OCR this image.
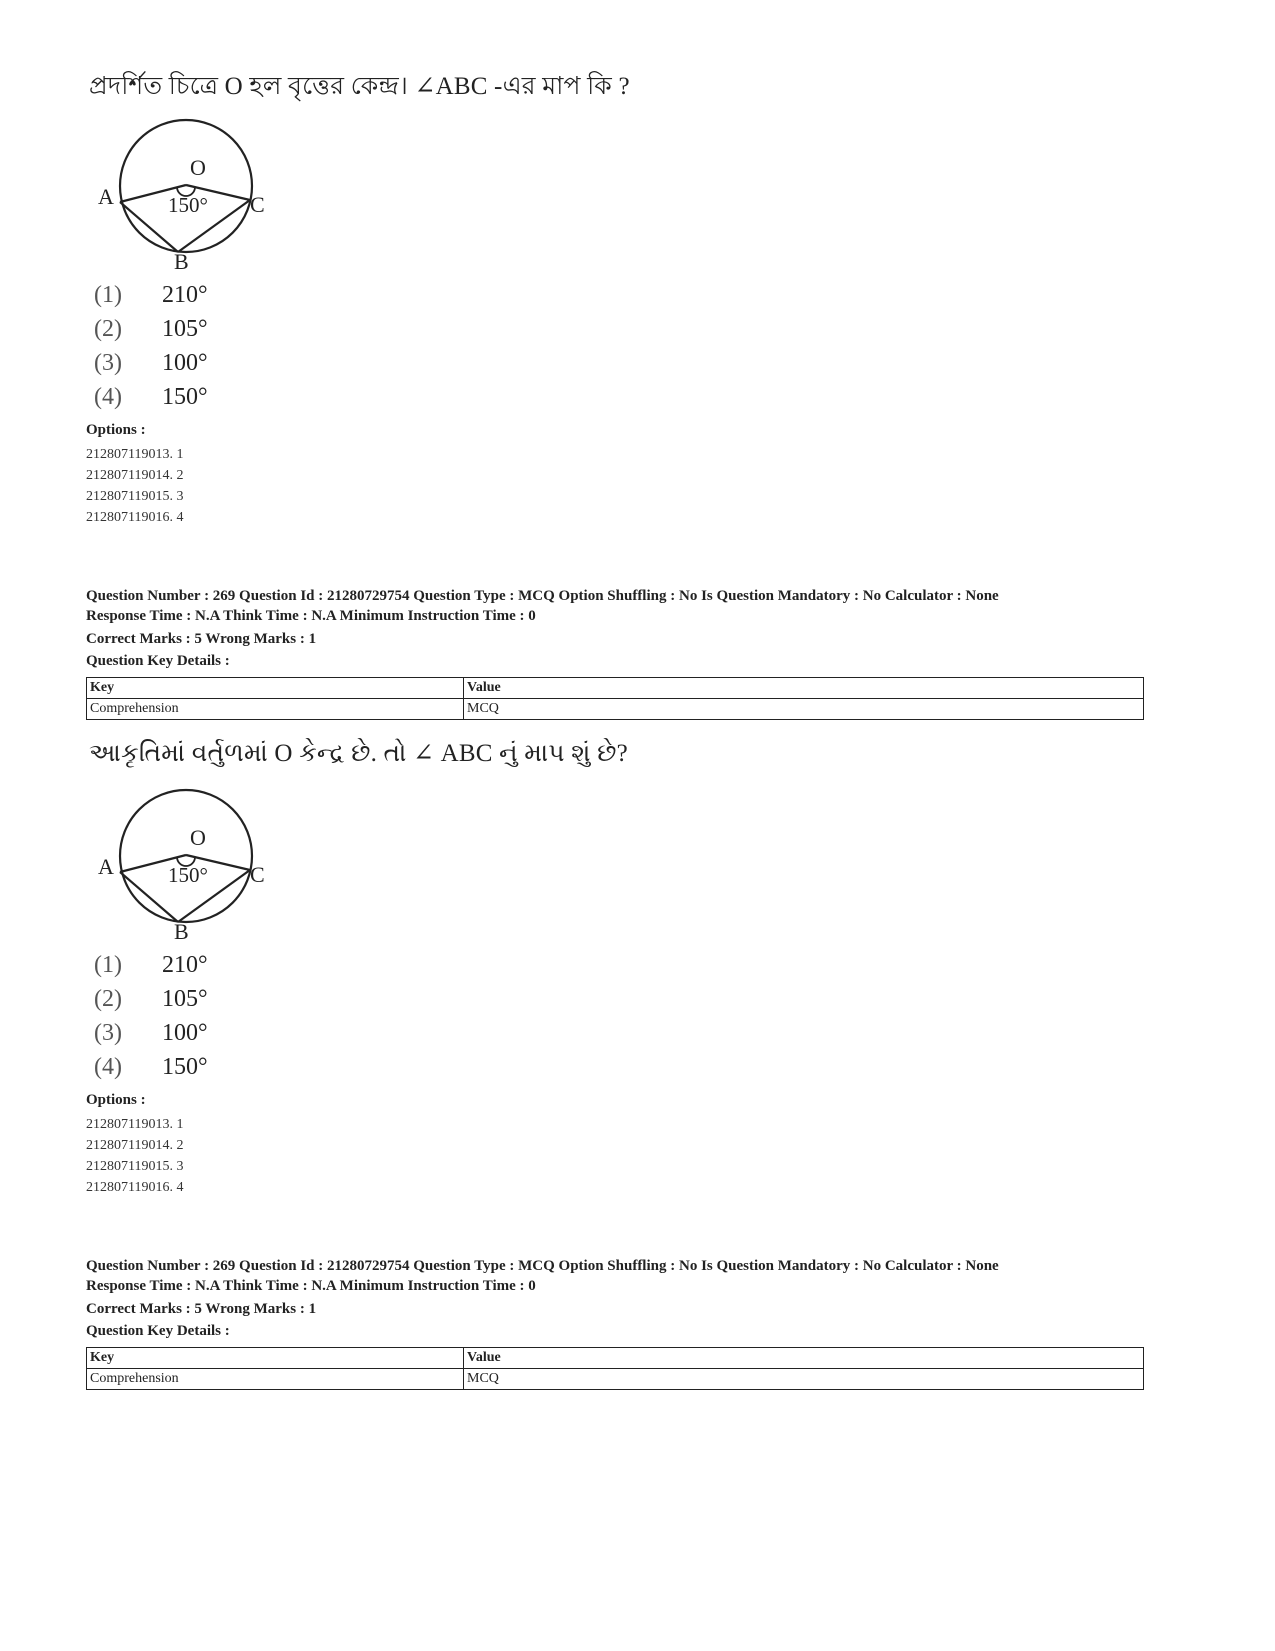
প্রদর্শিত চিত্রে O হল বৃত্তের কেন্দ্র। ∠ABC -এর মাপ কি ?
O
A	C
B
150°
(1) 210°
(2) 105°
(3) 100°
(4) 150°
Options :
212807119013. 1
212807119014. 2
212807119015. 3
212807119016. 4
Question Number : 269 Question Id : 21280729754 Question Type : MCQ Option Shuffling : No Is Question Mandatory : No Calculator : None
Response Time : N.A Think Time : N.A Minimum Instruction Time : 0
Correct Marks : 5 Wrong Marks : 1
Question Key Details :
Key	Value
Comprehension	MCQ
આકૃતિમાં વર્તુળમાં O કેન્દ્ર છે. તો ∠ ABC નું માપ શું છે?
O
A	C
B
150°
(1) 210°
(2) 105°
(3) 100°
(4) 150°
Options :
212807119013. 1
212807119014. 2
212807119015. 3
212807119016. 4
Question Number : 269 Question Id : 21280729754 Question Type : MCQ Option Shuffling : No Is Question Mandatory : No Calculator : None
Response Time : N.A Think Time : N.A Minimum Instruction Time : 0
Correct Marks : 5 Wrong Marks : 1
Question Key Details :
Key	Value
Comprehension	MCQ
